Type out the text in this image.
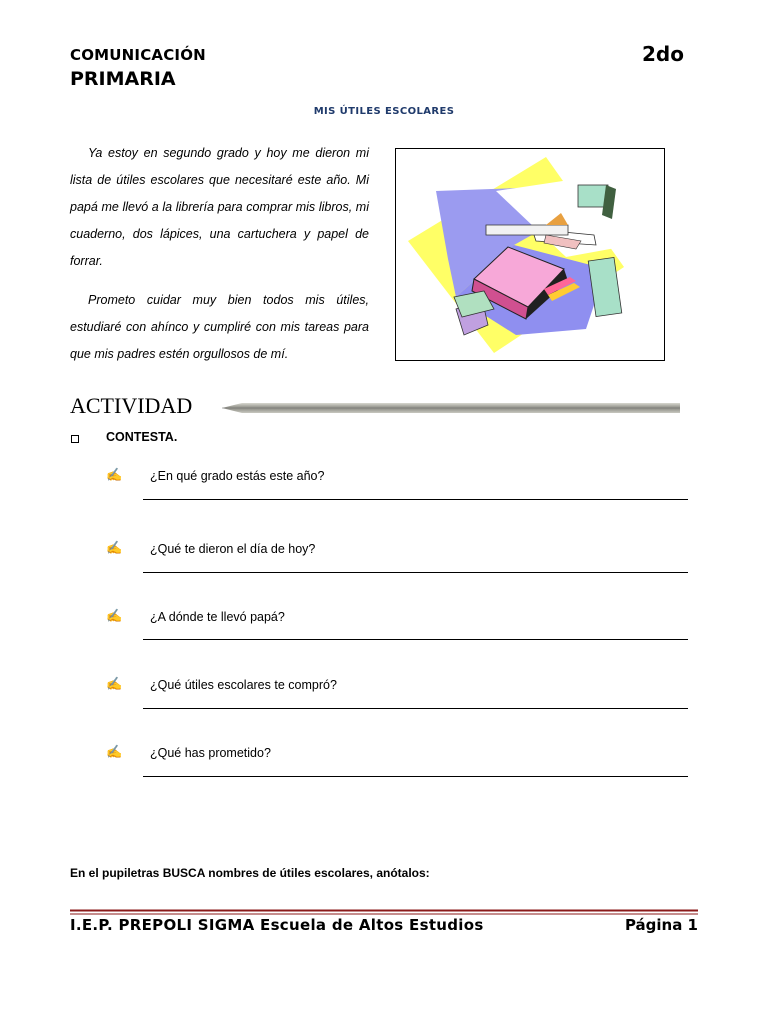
COMUNICACIÓN	2do
PRIMARIA
MIS ÚTILES ESCOLARES

Ya estoy en segundo grado y hoy me dieron mi lista de útiles escolares que necesitaré este año. Mi papá me llevó a la librería para comprar mis libros, mi cuaderno, dos lápices, una cartuchera y papel de forrar.

Prometo cuidar muy bien todos mis útiles, estudiaré con ahínco y cumpliré con mis tareas para que mis padres estén orgullosos de mí.

ACTIVIDAD
CONTESTA.
✍ ¿En qué grado estás este año?
✍ ¿Qué te dieron el día de hoy?
✍ ¿A dónde te llevó papá?
✍ ¿Qué útiles escolares te compró?
✍ ¿Qué has prometido?
En el pupiletras BUSCA nombres de útiles escolares, anótalos:
I.E.P. PREPOLI SIGMA Escuela de Altos Estudios	Página 1
